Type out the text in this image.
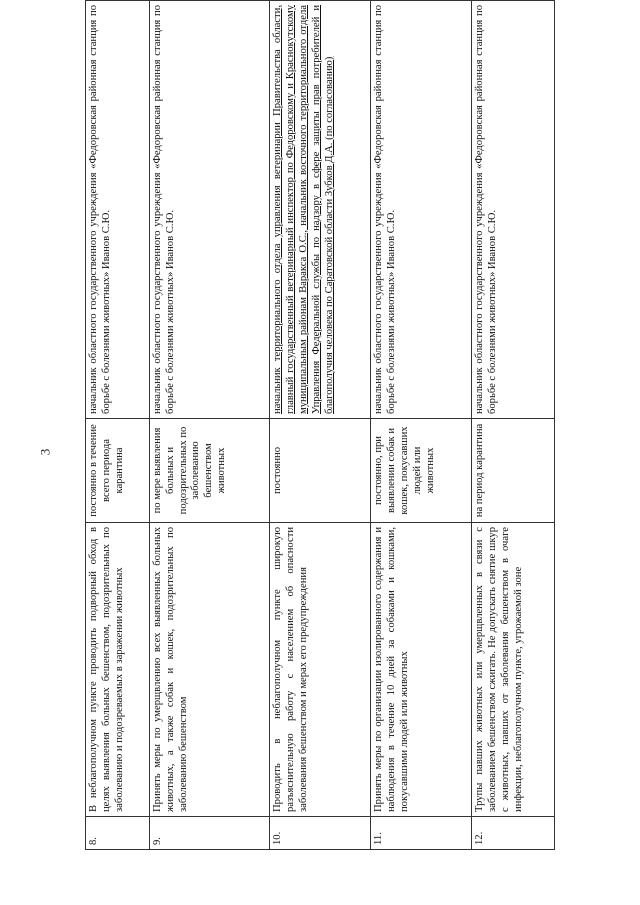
3
8.	В неблагополучном пункте проводить подворный обход в целях выявления больных бешенством, подозрительных по заболеванию и подозреваемых в заражении животных	постоянно в течение всего периода карантина	начальник областного государственного учреждения «Федоровская районная станция по борьбе с болезнями животных» Иванов С.Ю.
9.	Принять меры по умерщвлению всех выявленных больных животных, а также собак и кошек, подозрительных по заболеванию бешенством	по мере выявления больных и подозрительных по заболеванию бешенством животных	начальник областного государственного учреждения «Федоровская районная станция по борьбе с болезнями животных» Иванов С.Ю.
10.	Проводить в неблагополучном пункте широкую разъяснительную работу с населением об опасности заболевания бешенством и мерах его предупреждения	постоянно	начальник территориального отдела управления ветеринарии Правительства области, главный государственный ветеринарный инспектор по Федоровскому и Краснокутскому муниципальным районам Варакса О.С., начальник восточного территориального отдела Управления Федеральной службы по надзору в сфере защиты прав потребителей и благополучия человека по Саратовской области Зубков Д.А. (по согласованию)
11.	Принять меры по организации изолированного содержания и наблюдения в течение 10 дней за собаками и кошками, покусавшими людей или животных	постоянно, при выявлении собак и кошек, покусавших людей или животных	начальник областного государственного учреждения «Федоровская районная станция по борьбе с болезнями животных» Иванов С.Ю.
12.	Трупы павших животных или умерщвленных в связи с заболеванием бешенством сжигать. Не допускать снятие шкур с животных, павших от заболевания бешенством в очаге инфекции, неблагополучном пункте, угрожаемой зоне	на период карантина	начальник областного государственного учреждения «Федоровская районная станция по борьбе с болезнями животных» Иванов С.Ю.
